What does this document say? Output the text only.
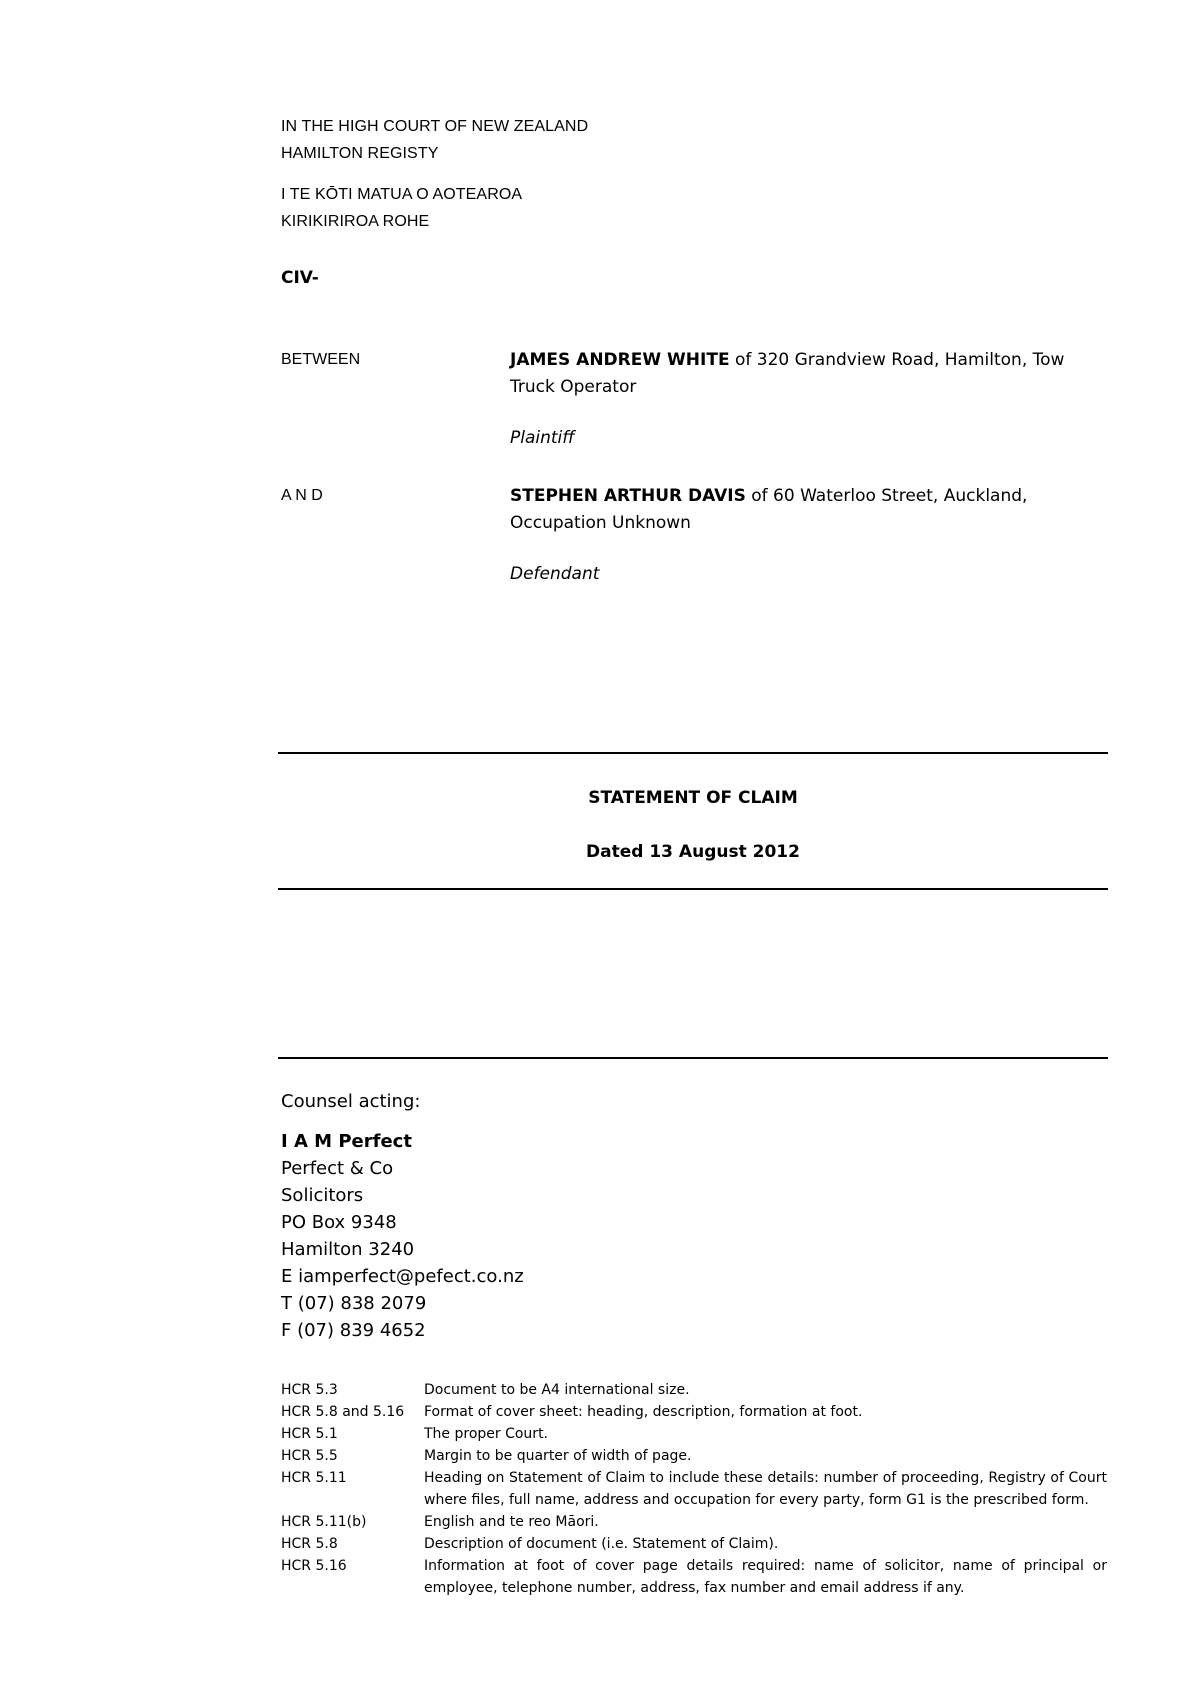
IN THE HIGH COURT OF NEW ZEALAND
HAMILTON REGISTY
I TE KŌTI MATUA O AOTEAROA
KIRIKIRIROA ROHE
CIV-
BETWEEN	JAMES ANDREW WHITE of 320 Grandview Road, Hamilton, Tow Truck Operator
Plaintiff
A N D	STEPHEN ARTHUR DAVIS of 60 Waterloo Street, Auckland, Occupation Unknown
Defendant
STATEMENT OF CLAIM
Dated 13 August 2012
Counsel acting:
I A M Perfect
Perfect & Co
Solicitors
PO Box 9348
Hamilton 3240
E iamperfect@pefect.co.nz
T (07) 838 2079
F (07) 839 4652
HCR 5.3	Document to be A4 international size.
HCR 5.8 and 5.16	Format of cover sheet: heading, description, formation at foot.
HCR 5.1	The proper Court.
HCR 5.5	Margin to be quarter of width of page.
HCR 5.11	Heading on Statement of Claim to include these details: number of proceeding, Registry of Court where files, full name, address and occupation for every party, form G1 is the prescribed form.
HCR 5.11(b)	English and te reo Māori.
HCR 5.8	Description of document (i.e. Statement of Claim).
HCR 5.16	Information at foot of cover page details required: name of solicitor, name of principal or employee, telephone number, address, fax number and email address if any.
